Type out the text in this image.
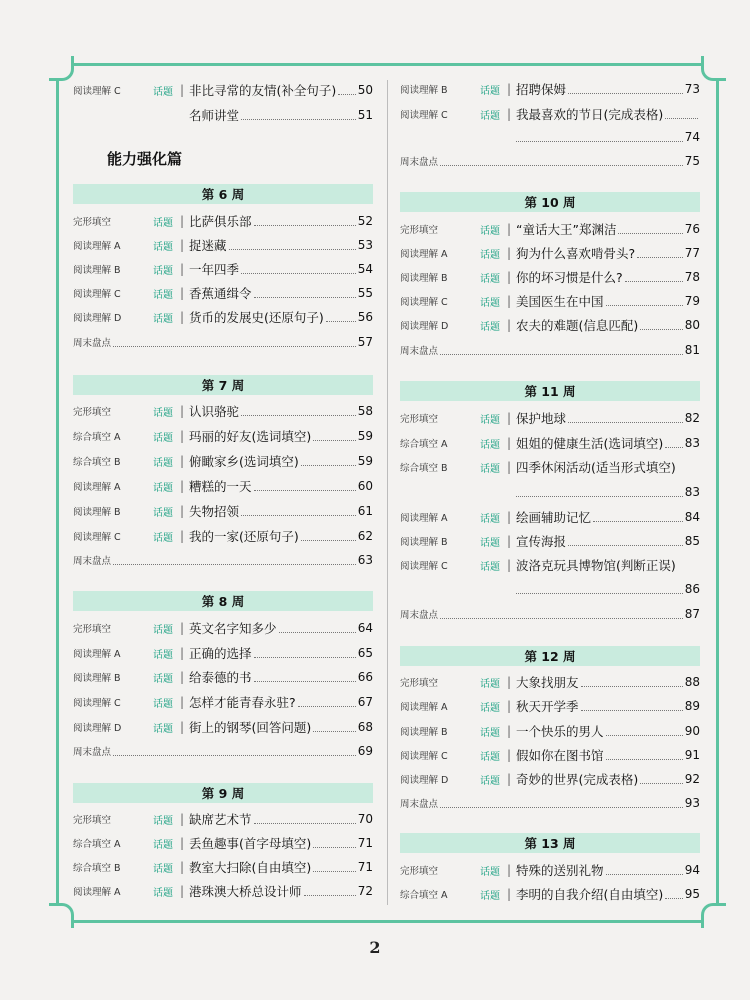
阅读理解 C	话题 | 非比寻常的友情(补全句子) 50
名师讲堂	51
能力强化篇
第 6 周
完形填空	话题 | 比萨俱乐部	52
阅读理解 A	话题 | 捉迷藏	53
阅读理解 B	话题 | 一年四季	54
阅读理解 C	话题 | 香蕉通缉令	55
阅读理解 D	话题 | 货币的发展史(还原句子)	56
周末盘点	57
第 7 周
完形填空	话题 | 认识骆驼	58
综合填空 A	话题 | 玛丽的好友(选词填空)	59
综合填空 B	话题 | 俯瞰家乡(选词填空)	59
阅读理解 A	话题 | 糟糕的一天	60
阅读理解 B	话题 | 失物招领	61
阅读理解 C	话题 | 我的一家(还原句子)	62
周末盘点	63
第 8 周
完形填空	话题 | 英文名字知多少	64
阅读理解 A	话题 | 正确的选择	65
阅读理解 B	话题 | 给泰德的书	66
阅读理解 C	话题 | 怎样才能青春永驻?	67
阅读理解 D	话题 | 街上的钢琴(回答问题)	68
周末盘点	69
第 9 周
完形填空	话题 | 缺席艺术节	70
综合填空 A	话题 | 丢鱼趣事(首字母填空)	71
综合填空 B	话题 | 教室大扫除(自由填空)	71
阅读理解 A	话题 | 港珠澳大桥总设计师	72
阅读理解 B	话题 | 招聘保姆	73
阅读理解 C	话题 | 我最喜欢的节日(完成表格)
74
周末盘点	75
第 10 周
完形填空	话题 | “童话大王”郑渊洁	76
阅读理解 A	话题 | 狗为什么喜欢啃骨头?	77
阅读理解 B	话题 | 你的坏习惯是什么?	78
阅读理解 C	话题 | 美国医生在中国	79
阅读理解 D	话题 | 农夫的难题(信息匹配)	80
周末盘点	81
第 11 周
完形填空	话题 | 保护地球	82
综合填空 A	话题 | 姐姐的健康生活(选词填空) 83
综合填空 B	话题 | 四季休闲活动(适当形式填空)
83
阅读理解 A	话题 | 绘画辅助记忆	84
阅读理解 B	话题 | 宣传海报	85
阅读理解 C	话题 | 波洛克玩具博物馆(判断正误)
86
周末盘点	87
第 12 周
完形填空	话题 | 大象找朋友	88
阅读理解 A	话题 | 秋天开学季	89
阅读理解 B	话题 | 一个快乐的男人	90
阅读理解 C	话题 | 假如你在图书馆	91
阅读理解 D	话题 | 奇妙的世界(完成表格)	92
周末盘点	93
第 13 周
完形填空	话题 | 特殊的送别礼物	94
综合填空 A	话题 | 李明的自我介绍(自由填空) 95
2
